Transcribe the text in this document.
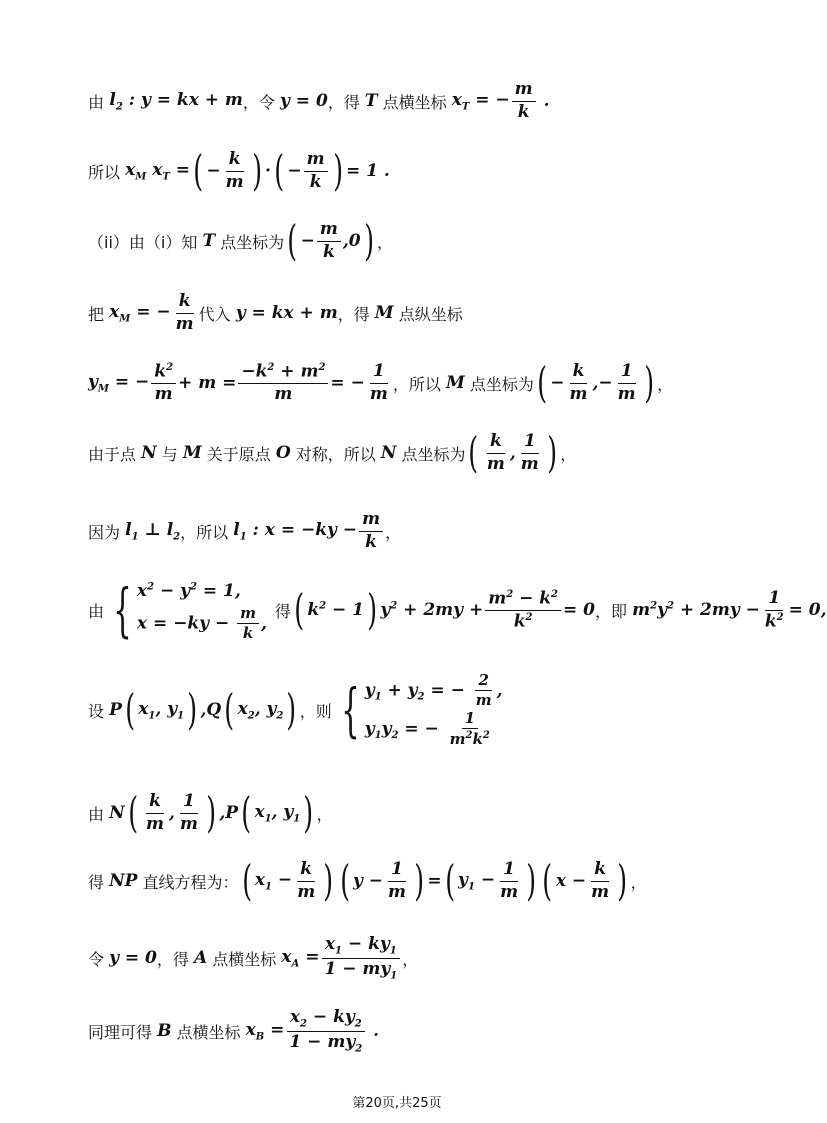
由
$l_2$ : y = kx + m ，令 y = 0 ，得 T 点横坐标 $x_T$ = − $\frac{m}{k}$ .
所以 $x_M$ $x_T$ = ( − $\frac{k}{m}$ ) · ( − $\frac{m}{k}$ ) = 1 .
（ii）由（i）知 T 点坐标为 ( − $\frac{m}{k} ,0$ ) ，
把 $x_M$ = − $\frac{k}{m}$ 代入 y = kx + m ，得 M 点纵坐标
$y_M$ = − $\frac{k^2}{m} + m = \frac{-k^2 + m^2}{m}$ = − $\frac{1}{m}$ ，所以 M 点坐标为 ( − $\frac{k}{m}$ ,− $\frac{1}{m}$ ) ，
由于点 N 与 M 关于原点 O 对称，所以 N 点坐标为 ( $\frac{k}{m}$ , $\frac{1}{m}$ ) ，
因为 $l_1$ ⊥ $l_2$ ，所以 $l_1$ : $x = -ky - \frac{m}{k}$ ，
由 { $x^2 - y^2 = 1$,
$x = -ky - \frac{m}{k}$ ,
得 ( $k^2 - 1$ ) $y^2 + 2my + \frac{m^2 - k^2}{k^2} = 0$ ，即 $m^2y^2 + 2my - \frac{1}{k^2} = 0$,
设 P ( $x_1$, $y_1$ ) ,Q ( $x_2$, $y_2$ ) ，则 { $y_1 + y_2$ = − $\frac{2}{m}$ ,
$y_1y_2$ = − $\frac{1}{m^2k^2}$
由 N ( $\frac{k}{m}$ , $\frac{1}{m}$ ) ,P ( $x_1$, $y_1$ ) ，
得 NP 直线方程为： ( $x_1 - \frac{k}{m}$ ) ( $y - \frac{1}{m}$ ) = ( $y_1 - \frac{1}{m}$ ) ( $x - \frac{k}{m}$ ) ，
令 y = 0 ，得 A 点横坐标 $x_A = \frac{x_1 - ky_1}{1 - my_1}$ ，
同理可得 B 点横坐标 $x_B = \frac{x_2 - ky_2}{1 - my_2}$ .
第20页,共25页
